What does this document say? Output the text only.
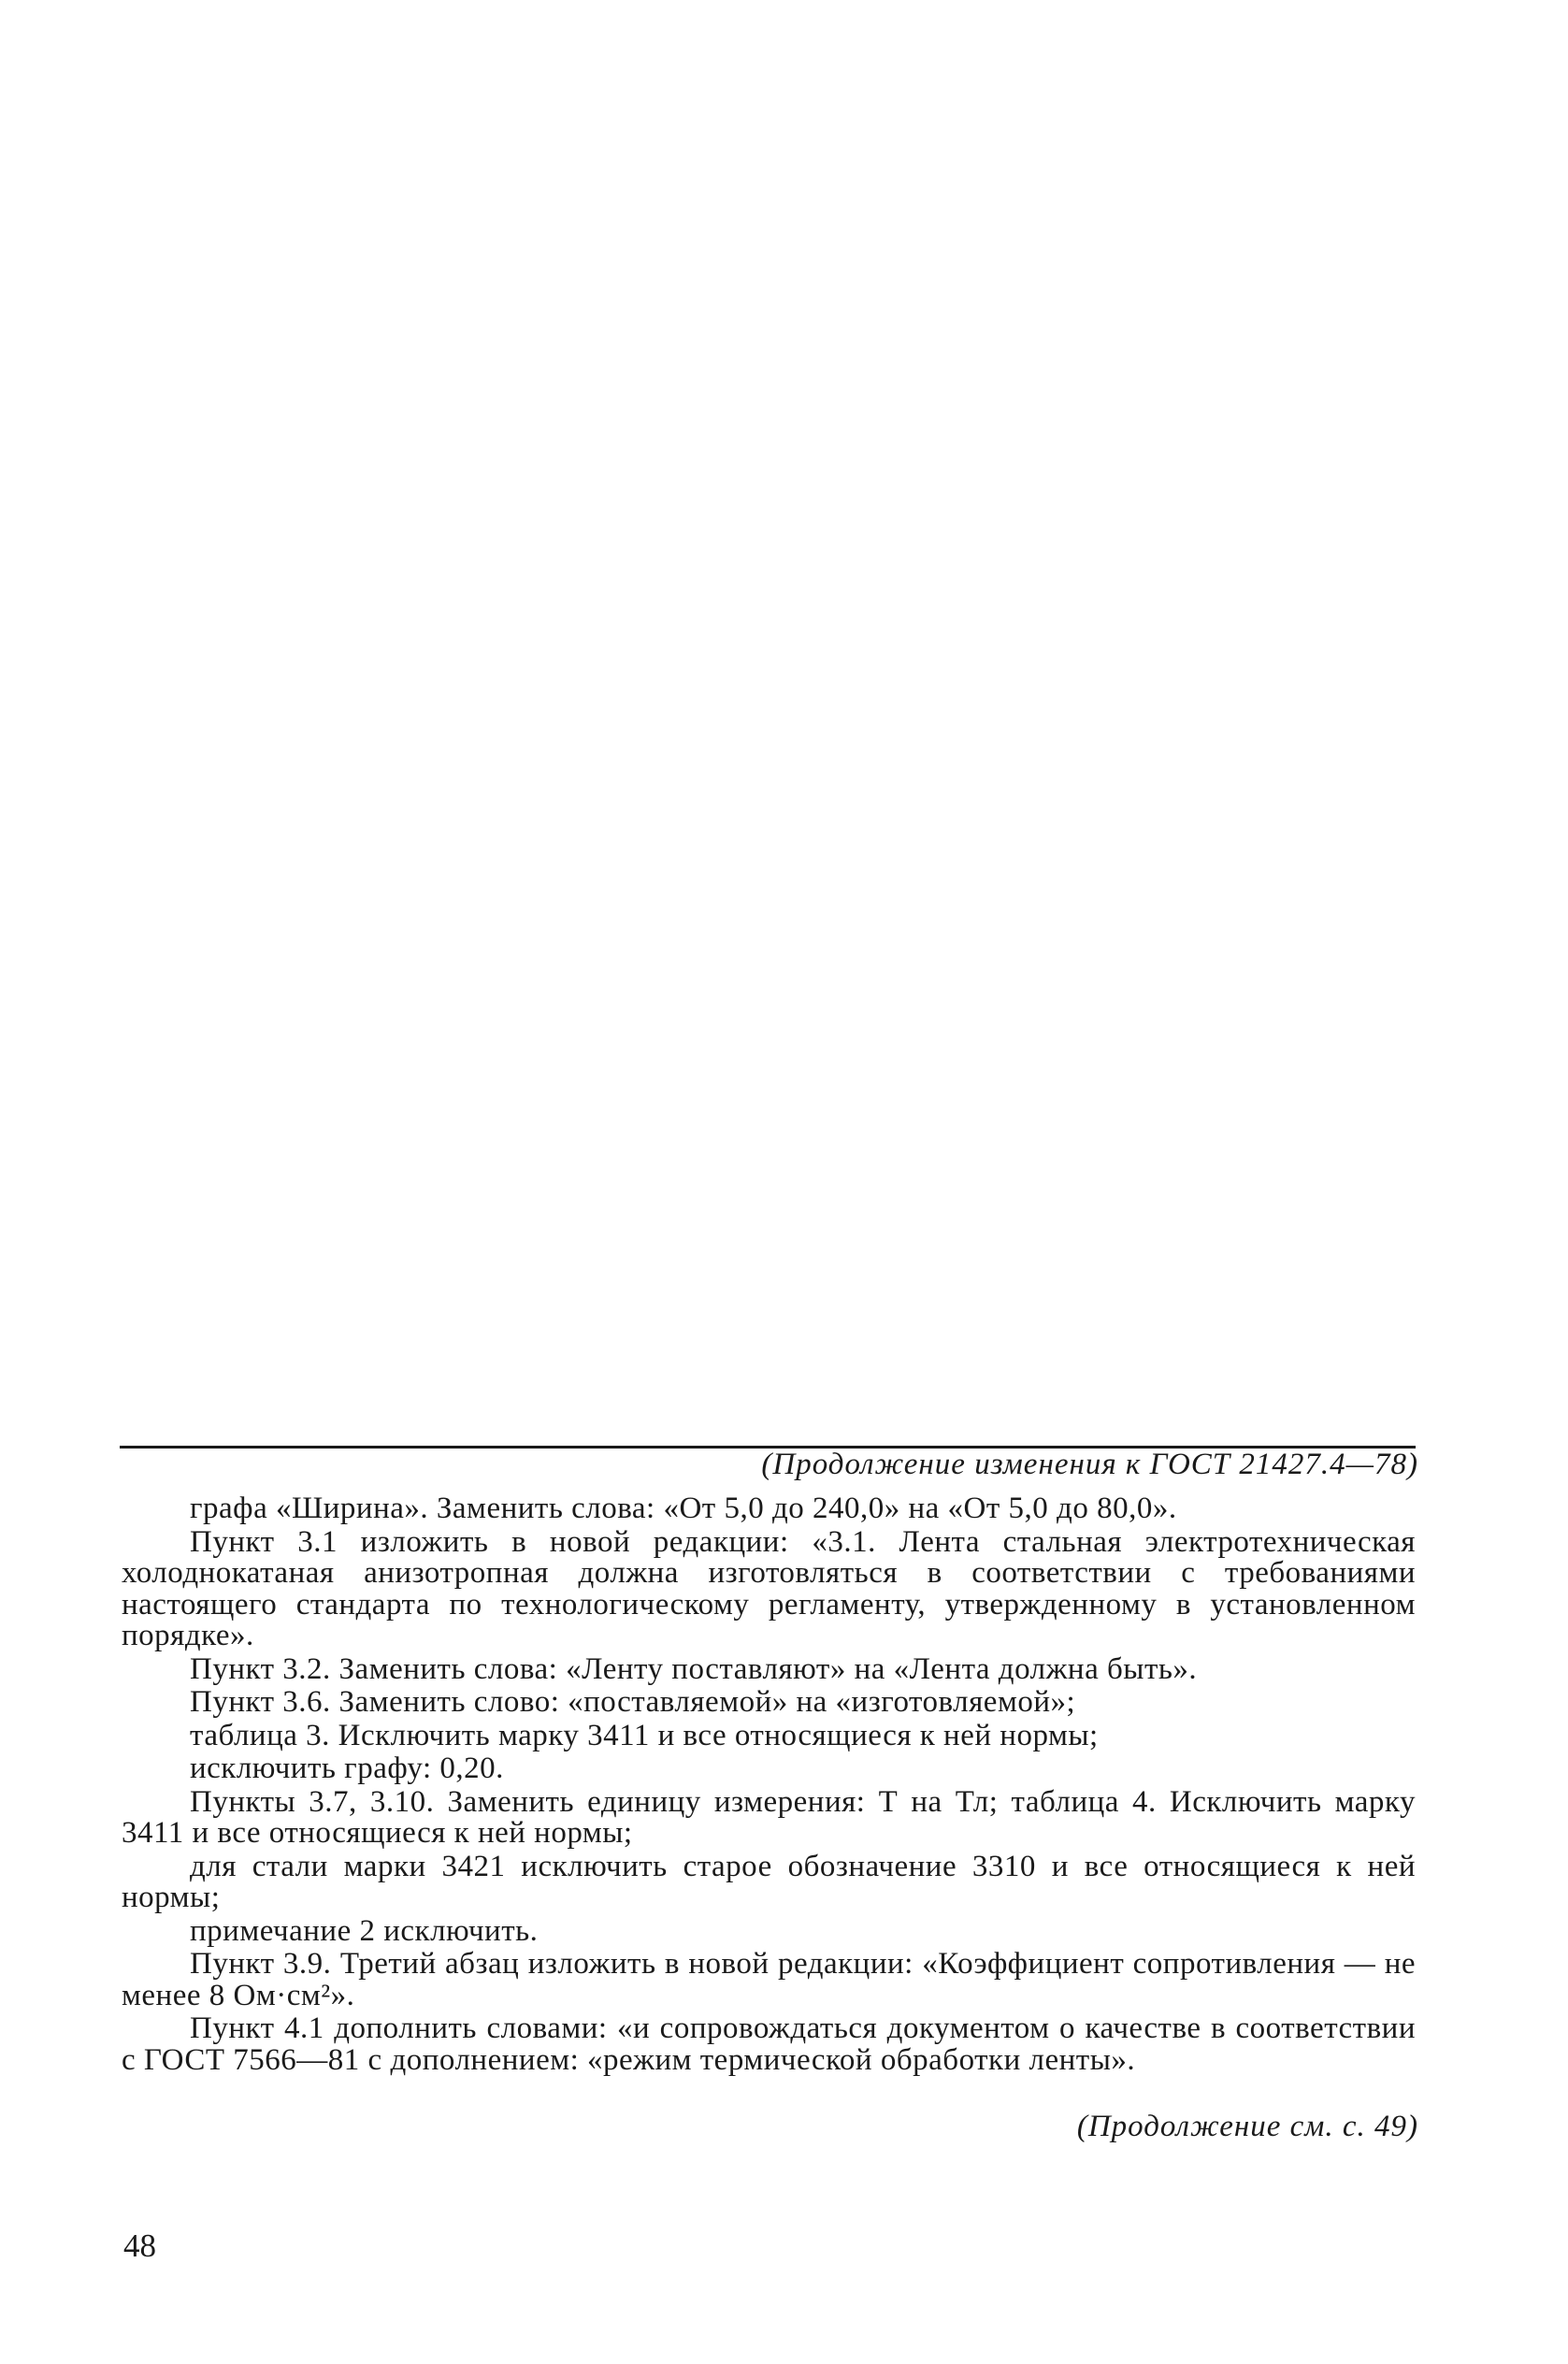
(Продолжение изменения к ГОСТ 21427.4—78)

графа «Ширина». Заменить слова: «От 5,0 до 240,0» на «От 5,0 до 80,0».

Пункт 3.1 изложить в новой редакции: «3.1. Лента стальная электротехническая холоднокатаная анизотропная должна изготовляться в соответствии с требованиями настоящего стандарта по технологическому регламенту, утвержденному в установленном порядке».

Пункт 3.2. Заменить слова: «Ленту поставляют» на «Лента должна быть».

Пункт 3.6. Заменить слово: «поставляемой» на «изготовляемой»;

таблица 3. Исключить марку 3411 и все относящиеся к ней нормы;

исключить графу: 0,20.

Пункты 3.7, 3.10. Заменить единицу измерения: Т на Тл; таблица 4. Исключить марку 3411 и все относящиеся к ней нормы;

для стали марки 3421 исключить старое обозначение 3310 и все относящиеся к ней нормы;

примечание 2 исключить.

Пункт 3.9. Третий абзац изложить в новой редакции: «Коэффициент сопротивления — не менее 8 Ом·см²».

Пункт 4.1 дополнить словами: «и сопровождаться документом о качестве в соответствии с ГОСТ 7566—81 с дополнением: «режим термической обработки ленты».

(Продолжение см. с. 49)
48
